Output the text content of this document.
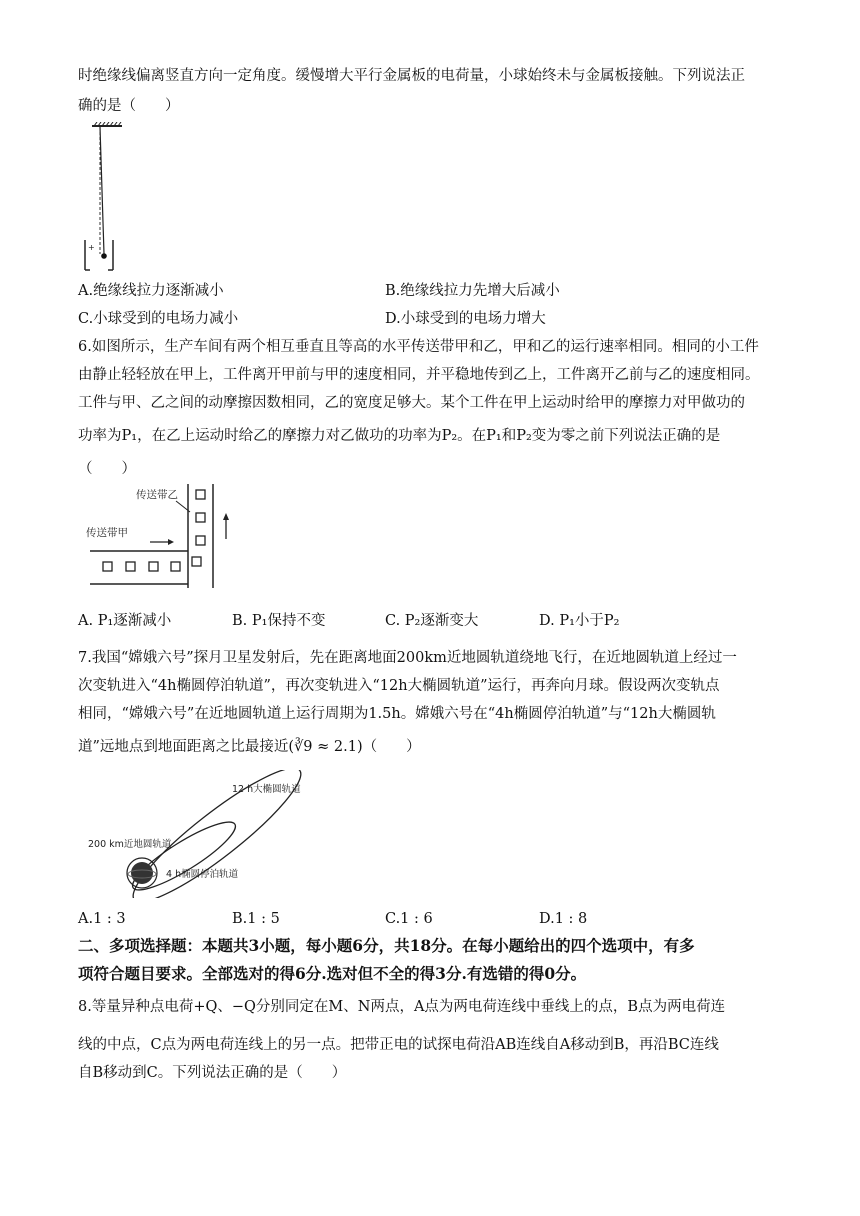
时绝缘线偏离竖直方向一定角度。缓慢增大平行金属板的电荷量，小球始终未与金属板接触。下列说法正
确的是（　　）
+
A.绝缘线拉力逐渐减小	B.绝缘线拉力先增大后减小
C.小球受到的电场力减小	D.小球受到的电场力增大
6.如图所示，生产车间有两个相互垂直且等高的水平传送带甲和乙，甲和乙的运行速率相同。相同的小工件
由静止轻轻放在甲上，工件离开甲前与甲的速度相同，并平稳地传到乙上，工件离开乙前与乙的速度相同。
工件与甲、乙之间的动摩擦因数相同，乙的宽度足够大。某个工件在甲上运动时给甲的摩擦力对甲做功的
功率为P₁，在乙上运动时给乙的摩擦力对乙做功的功率为P₂。在P₁和P₂变为零之前下列说法正确的是
（　　）
传送带乙
传送带甲
A. P₁逐渐减小	B. P₁保持不变	C. P₂逐渐变大	D. P₁小于P₂
7.我国“嫦娥六号”探月卫星发射后，先在距离地面200km近地圆轨道绕地飞行，在近地圆轨道上经过一
次变轨进入“4h椭圆停泊轨道”，再次变轨进入“12h大椭圆轨道”运行，再奔向月球。假设两次变轨点
相同，“嫦娥六号”在近地圆轨道上运行周期为1.5h。嫦娥六号在“4h椭圆停泊轨道”与“12h大椭圆轨
道”远地点到地面距离之比最接近(∛9 ≈ 2.1)（　　）
12 h大椭圆轨道
200 km近地圆轨道
4 h椭圆停泊轨道
A.1 : 3	B.1 : 5	C.1 : 6	D.1 : 8
二、多项选择题：本题共3小题，每小题6分，共18分。在每小题给出的四个选项中，有多
项符合题目要求。全部选对的得6分.选对但不全的得3分.有选错的得0分。
8.等量异种点电荷+Q、−Q分别同定在M、N两点，A点为两电荷连线中垂线上的点，B点为两电荷连
线的中点，C点为两电荷连线上的另一点。把带正电的试探电荷沿AB连线自A移动到B，再沿BC连线
自B移动到C。下列说法正确的是（　　）
